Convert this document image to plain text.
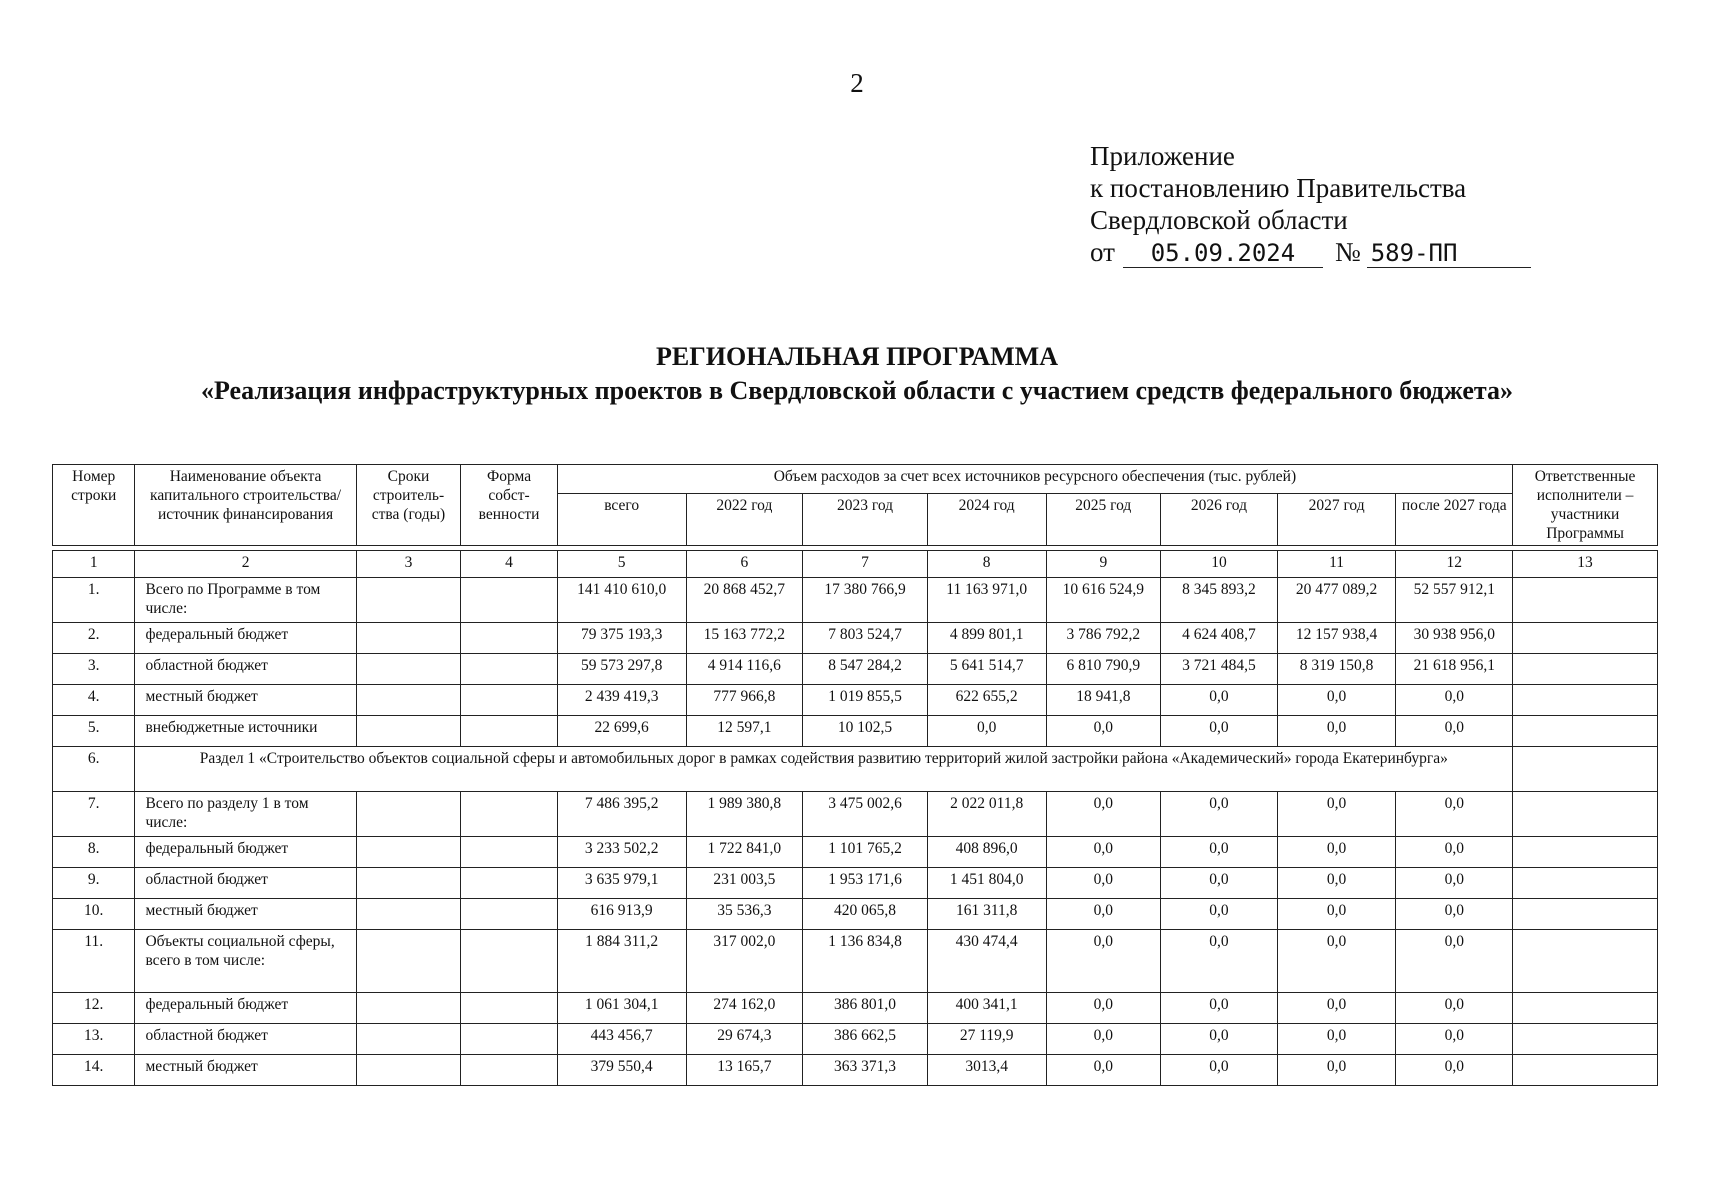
2
Приложение
к постановлению Правительства
Свердловской области
от	05.09.2024	№ 589-ПП
РЕГИОНАЛЬНАЯ ПРОГРАММА
«Реализация инфраструктурных проектов в Свердловской области с участием средств федерального бюджета»
Номер строки	Наименование объекта капитального строительства/источник финансирования	Сроки строитель-ства (годы)	Форма собст-венности	Объем расходов за счет всех источников ресурсного обеспечения (тыс. рублей)								Ответственные исполнители – участники Программы
				всего	2022 год	2023 год	2024 год	2025 год	2026 год	2027 год	после 2027 года	

1	2	3	4	5	6	7	8	9	10	11	12	13
1.	Всего по Программе в том числе:			141 410 610,0	20 868 452,7	17 380 766,9	11 163 971,0	10 616 524,9	8 345 893,2	20 477 089,2	52 557 912,1	
2.	федеральный бюджет			79 375 193,3	15 163 772,2	7 803 524,7	4 899 801,1	3 786 792,2	4 624 408,7	12 157 938,4	30 938 956,0	
3.	областной бюджет			59 573 297,8	4 914 116,6	8 547 284,2	5 641 514,7	6 810 790,9	3 721 484,5	8 319 150,8	21 618 956,1	
4.	местный бюджет			2 439 419,3	777 966,8	1 019 855,5	622 655,2	18 941,8	0,0	0,0	0,0	
5.	внебюджетные источники			22 699,6	12 597,1	10 102,5	0,0	0,0	0,0	0,0	0,0	
6.	Раздел 1 «Строительство объектов социальной сферы и автомобильных дорог в рамках содействия развитию территорий жилой застройки района «Академический» города Екатеринбурга»											
7.	Всего по разделу 1 в том числе:			7 486 395,2	1 989 380,8	3 475 002,6	2 022 011,8	0,0	0,0	0,0	0,0	
8.	федеральный бюджет			3 233 502,2	1 722 841,0	1 101 765,2	408 896,0	0,0	0,0	0,0	0,0	
9.	областной бюджет			3 635 979,1	231 003,5	1 953 171,6	1 451 804,0	0,0	0,0	0,0	0,0	
10.	местный бюджет			616 913,9	35 536,3	420 065,8	161 311,8	0,0	0,0	0,0	0,0	
11.	Объекты социальной сферы, всего в том числе:			1 884 311,2	317 002,0	1 136 834,8	430 474,4	0,0	0,0	0,0	0,0	
12.	федеральный бюджет			1 061 304,1	274 162,0	386 801,0	400 341,1	0,0	0,0	0,0	0,0	
13.	областной бюджет			443 456,7	29 674,3	386 662,5	27 119,9	0,0	0,0	0,0	0,0	
14.	местный бюджет			379 550,4	13 165,7	363 371,3	3013,4	0,0	0,0	0,0	0,0	
